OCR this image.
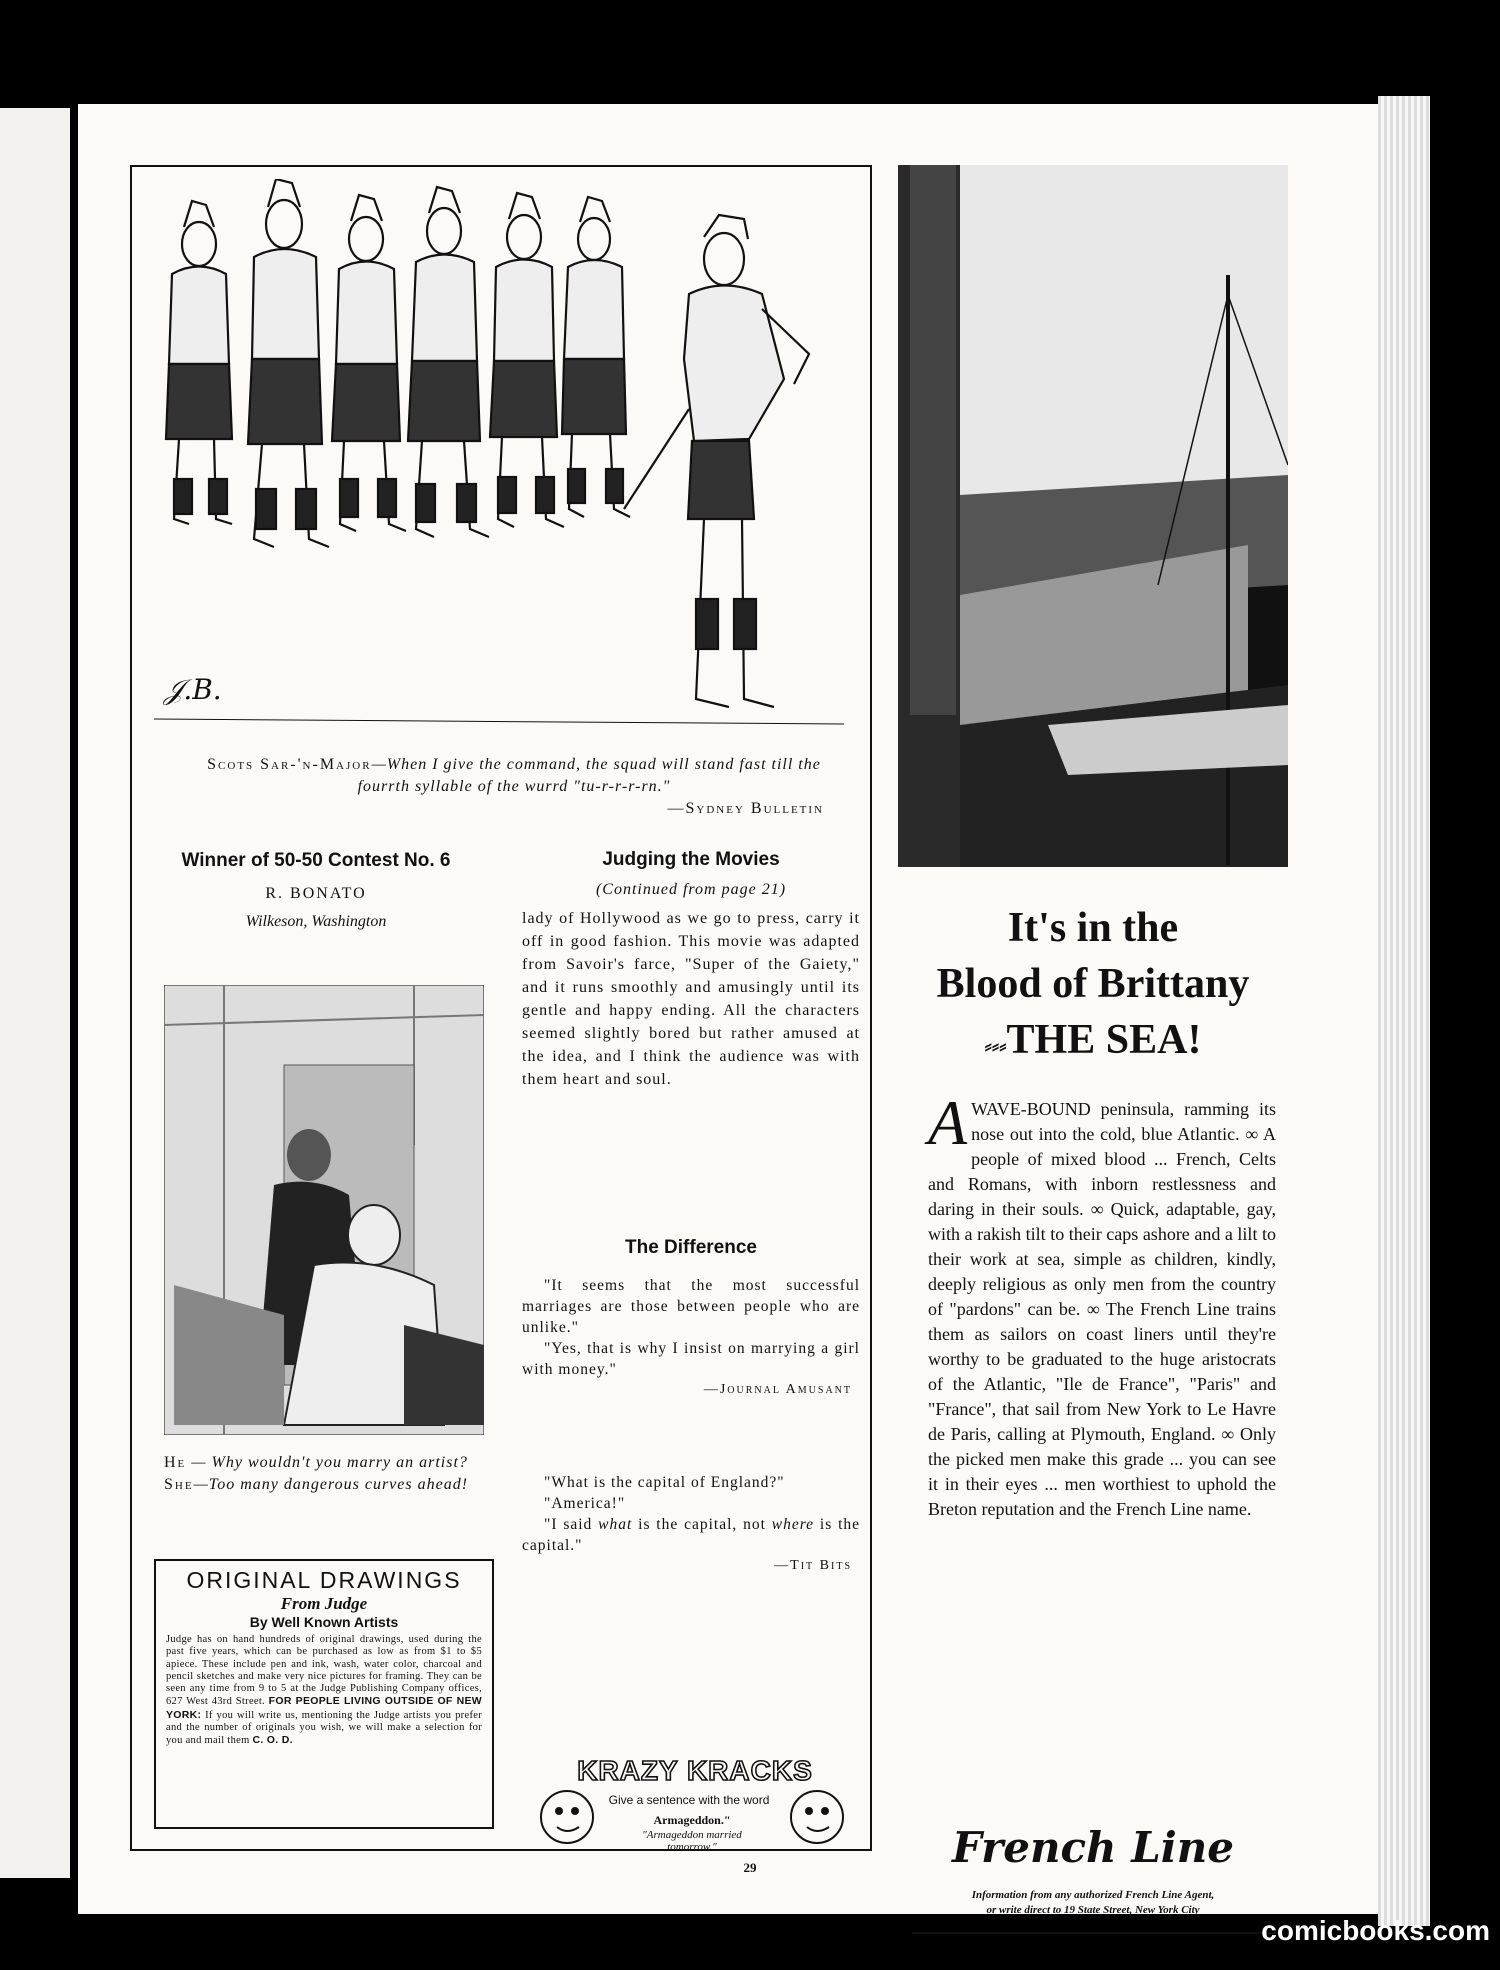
𝒥.B.
Scots Sar-'n-Major—When I give the command, the squad will stand fast till the fourrth syllable of the wurrd "tu-r-r-r-rn."
—Sydney Bulletin
Winner of 50-50 Contest No. 6
R. BONATO
Wilkeson, Washington
He — Why wouldn't you marry an artist?
She—Too many dangerous curves ahead!
Judging the Movies
(Continued from page 21)

lady of Hollywood as we go to press, carry it off in good fashion. This movie was adapted from Savoir's farce, "Super of the Gaiety," and it runs smoothly and amusingly until its gentle and happy ending. All the characters seemed slightly bored but rather amused at the idea, and I think the audience was with them heart and soul.

The Difference

"It seems that the most successful marriages are those between people who are unlike."

"Yes, that is why I insist on marrying a girl with money."

—Journal Amusant

"What is the capital of England?"

"America!"

"I said what is the capital, not where is the capital."

—Tit Bits

ORIGINAL DRAWINGS
From Judge
By Well Known Artists
Judge has on hand hundreds of original drawings, used during the past five years, which can be purchased as low as from $1 to $5 apiece. These include pen and ink, wash, water color, charcoal and pencil sketches and make very nice pictures for framing. They can be seen any time from 9 to 5 at the Judge Publishing Company offices, 627 West 43rd Street. FOR PEOPLE LIVING OUTSIDE OF NEW YORK: If you will write us, mentioning the Judge artists you prefer and the number of originals you wish, we will make a selection for you and mail them C. O. D.
KRAZY KRACKS
Give a sentence with the word
Armageddon."
"Armageddon married tomorrow."
29
It's in the
Blood of Brittany
⸗⸗⸗THE SEA!
AWAVE-BOUND peninsula, ramming its nose out into the cold, blue Atlantic. ∞ A people of mixed blood ... French, Celts and Romans, with inborn restlessness and daring in their souls. ∞ Quick, adaptable, gay, with a rakish tilt to their caps ashore and a lilt to their work at sea, simple as children, kindly, deeply religious as only men from the country of "pardons" can be. ∞ The French Line trains them as sailors on coast liners until they're worthy to be graduated to the huge aristocrats of the Atlantic, "Ile de France", "Paris" and "France", that sail from New York to Le Havre de Paris, calling at Plymouth, England. ∞ Only the picked men make this grade ... you can see it in their eyes ... men worthiest to uphold the Breton reputation and the French Line name.
French Line
Information from any authorized French Line Agent,
or write direct to 19 State Street, New York City
comicbooks.com
